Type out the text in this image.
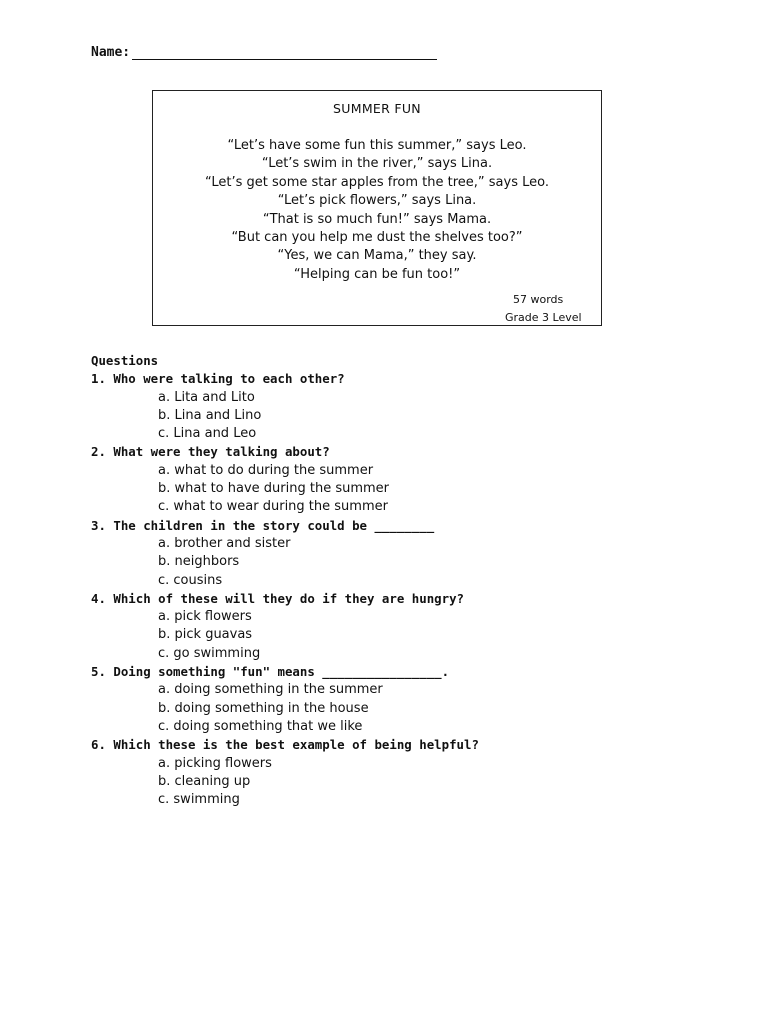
Name:
SUMMER FUN
“Let’s have some fun this summer,” says Leo.
“Let’s swim in the river,” says Lina.
“Let’s get some star apples from the tree,” says Leo.
“Let’s pick flowers,” says Lina.
“That is so much fun!” says Mama.
“But can you help me dust the shelves too?”
“Yes, we can Mama,” they say.
“Helping can be fun too!”
57 words
Grade 3 Level
Questions
1. Who were talking to each other?
a. Lita and Lito
b. Lina and Lino
c. Lina and Leo
2. What were they talking about?
a. what to do during the summer
b. what to have during the summer
c. what to wear during the summer
3. The children in the story could be ________
a. brother and sister
b. neighbors
c. cousins
4. Which of these will they do if they are hungry?
a. pick flowers
b. pick guavas
c. go swimming
5. Doing something "fun" means ________________.
a. doing something in the summer
b. doing something in the house
c. doing something that we like
6. Which these is the best example of being helpful?
a. picking flowers
b. cleaning up
c. swimming
